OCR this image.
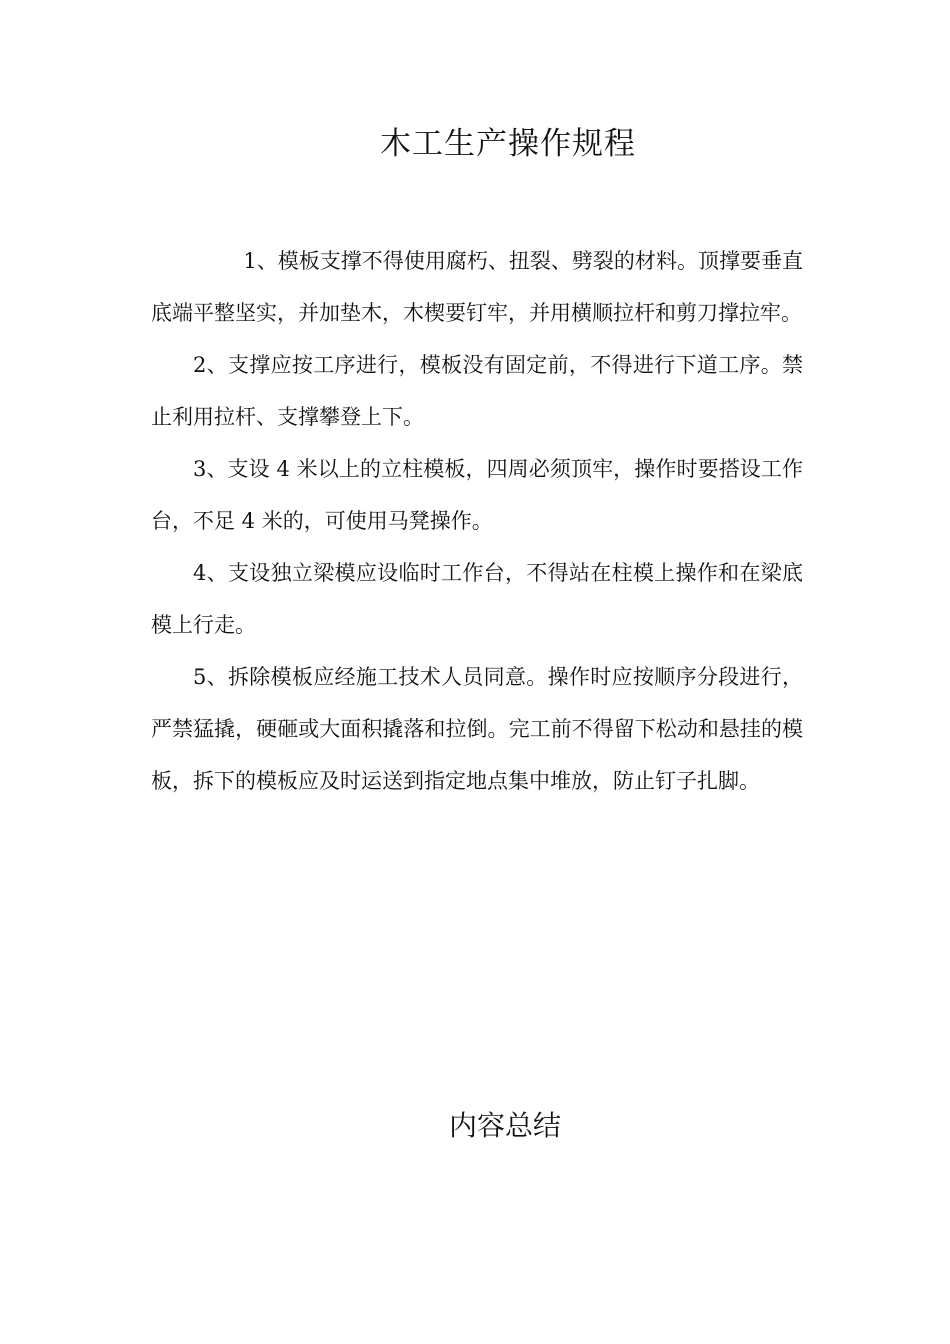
木工生产操作规程

1、模板支撑不得使用腐朽、扭裂、劈裂的材料。顶撑要垂直底端平整坚实，并加垫木，木楔要钉牢，并用横顺拉杆和剪刀撑拉牢。

2、支撑应按工序进行，模板没有固定前，不得进行下道工序。禁止利用拉杆、支撑攀登上下。

3、支设 4 米以上的立柱模板，四周必须顶牢，操作时要搭设工作台，不足 4 米的，可使用马凳操作。

4、支设独立梁模应设临时工作台，不得站在柱模上操作和在梁底模上行走。

5、拆除模板应经施工技术人员同意。操作时应按顺序分段进行，严禁猛撬，硬砸或大面积撬落和拉倒。完工前不得留下松动和悬挂的模板，拆下的模板应及时运送到指定地点集中堆放，防止钉子扎脚。

内容总结
